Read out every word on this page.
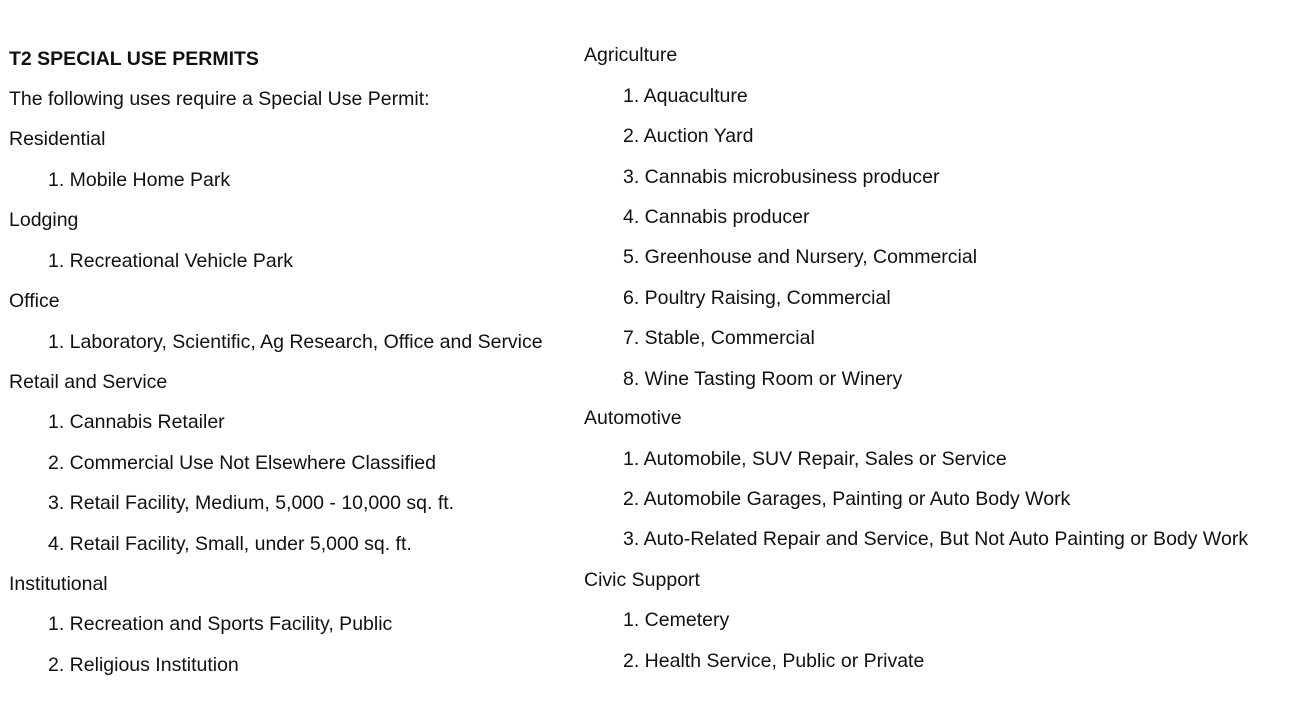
T2 SPECIAL USE PERMITS
The following uses require a Special Use Permit:
Residential
1. Mobile Home Park
Lodging
1. Recreational Vehicle Park
Office
1. Laboratory, Scientific, Ag Research, Office and Service
Retail and Service
1. Cannabis Retailer
2. Commercial Use Not Elsewhere Classified
3. Retail Facility, Medium, 5,000 - 10,000 sq. ft.
4. Retail Facility, Small, under 5,000 sq. ft.
Institutional
1. Recreation and Sports Facility, Public
2. Religious Institution
Agriculture
1. Aquaculture
2. Auction Yard
3. Cannabis microbusiness producer
4. Cannabis producer
5. Greenhouse and Nursery, Commercial
6. Poultry Raising, Commercial
7. Stable, Commercial
8. Wine Tasting Room or Winery
Automotive
1. Automobile, SUV Repair, Sales or Service
2. Automobile Garages, Painting or Auto Body Work
3. Auto-Related Repair and Service, But Not Auto Painting or Body Work
Civic Support
1. Cemetery
2. Health Service, Public or Private
